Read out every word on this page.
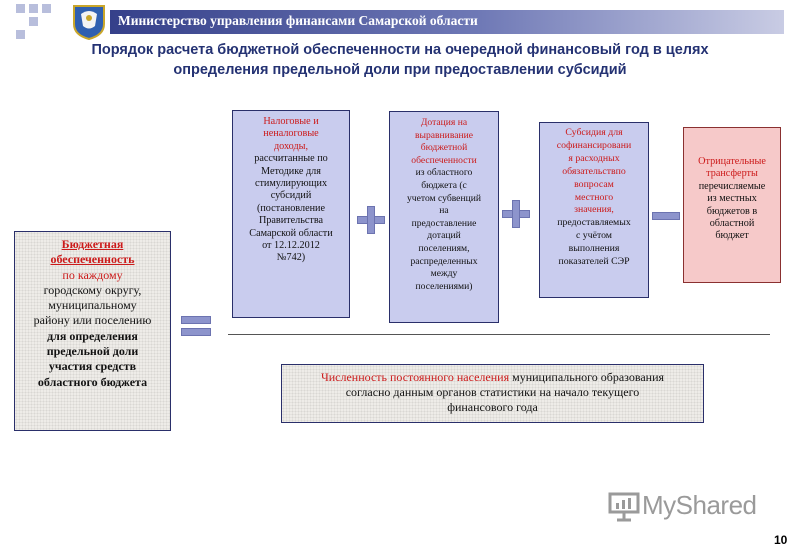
Министерство управления финансами Самарской области
Порядок расчета бюджетной обеспеченности на очередной финансовый год в целях
определения предельной доли при предоставлении субсидий
Бюджетная
обеспеченность
по каждому
городскому округу,
муниципальному
району или поселению
для определения
предельной доли
участия средств
областного бюджета
Налоговые и
неналоговые
доходы,
рассчитанные по
Методике для
стимулирующих
субсидий
(постановление
Правительства
Самарской области
от 12.12.2012
№742)
Дотация на
выравнивание
бюджетной
обеспеченности
из областного
бюджета (с
учетом субвенций
на
предоставление
дотаций
поселениям,
распределенных
между
поселениями)
Субсидия для
софинансировани
я расходных
обязательствпо
вопросам
местного
значения,
предоставляемых
с учётом
выполнения
показателей СЭР
Отрицательные
трансферты
перечисляемые
из местных
бюджетов в
областной
бюджет
Численность постоянного населения муниципального образования
согласно данным органов статистики на начало текущего
финансового года
MyShared
10
